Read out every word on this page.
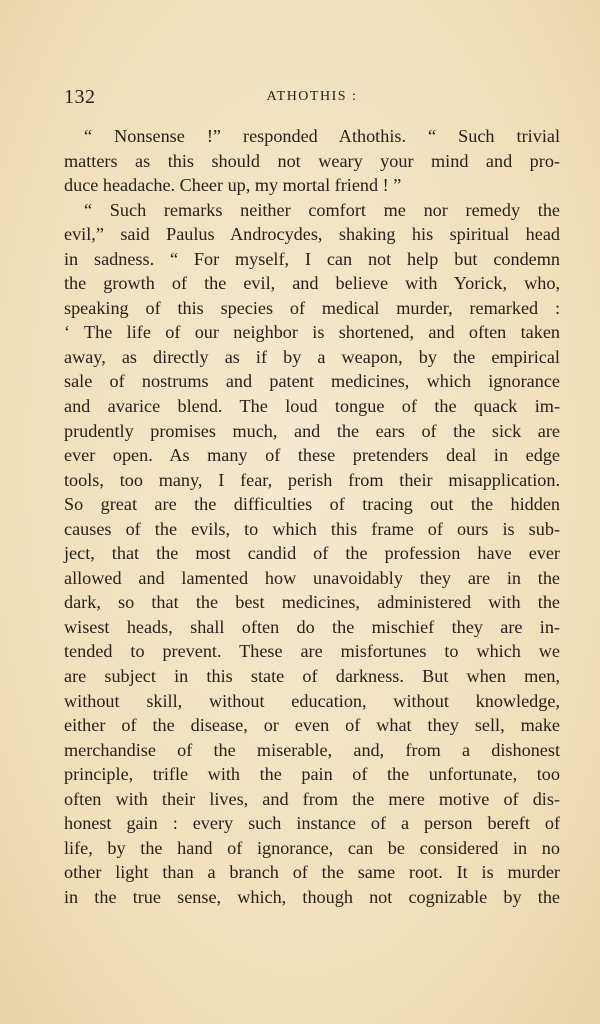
132	ATHOTHIS :
“ Nonsense !” responded Athothis. “ Such trivial
matters as this should not weary your mind and pro-
duce headache. Cheer up, my mortal friend ! ”
“ Such remarks neither comfort me nor remedy the
evil,” said Paulus Androcydes, shaking his spiritual head
in sadness. “ For myself, I can not help but condemn
the growth of the evil, and believe with Yorick, who,
speaking of this species of medical murder, remarked :
‘ The life of our neighbor is shortened, and often taken
away, as directly as if by a weapon, by the empirical
sale of nostrums and patent medicines, which ignorance
and avarice blend. The loud tongue of the quack im-
prudently promises much, and the ears of the sick are
ever open. As many of these pretenders deal in edge
tools, too many, I fear, perish from their misapplication.
So great are the difficulties of tracing out the hidden
causes of the evils, to which this frame of ours is sub-
ject, that the most candid of the profession have ever
allowed and lamented how unavoidably they are in the
dark, so that the best medicines, administered with the
wisest heads, shall often do the mischief they are in-
tended to prevent. These are misfortunes to which we
are subject in this state of darkness. But when men,
without skill, without education, without knowledge,
either of the disease, or even of what they sell, make
merchandise of the miserable, and, from a dishonest
principle, trifle with the pain of the unfortunate, too
often with their lives, and from the mere motive of dis-
honest gain : every such instance of a person bereft of
life, by the hand of ignorance, can be considered in no
other light than a branch of the same root. It is murder
in the true sense, which, though not cognizable by the
